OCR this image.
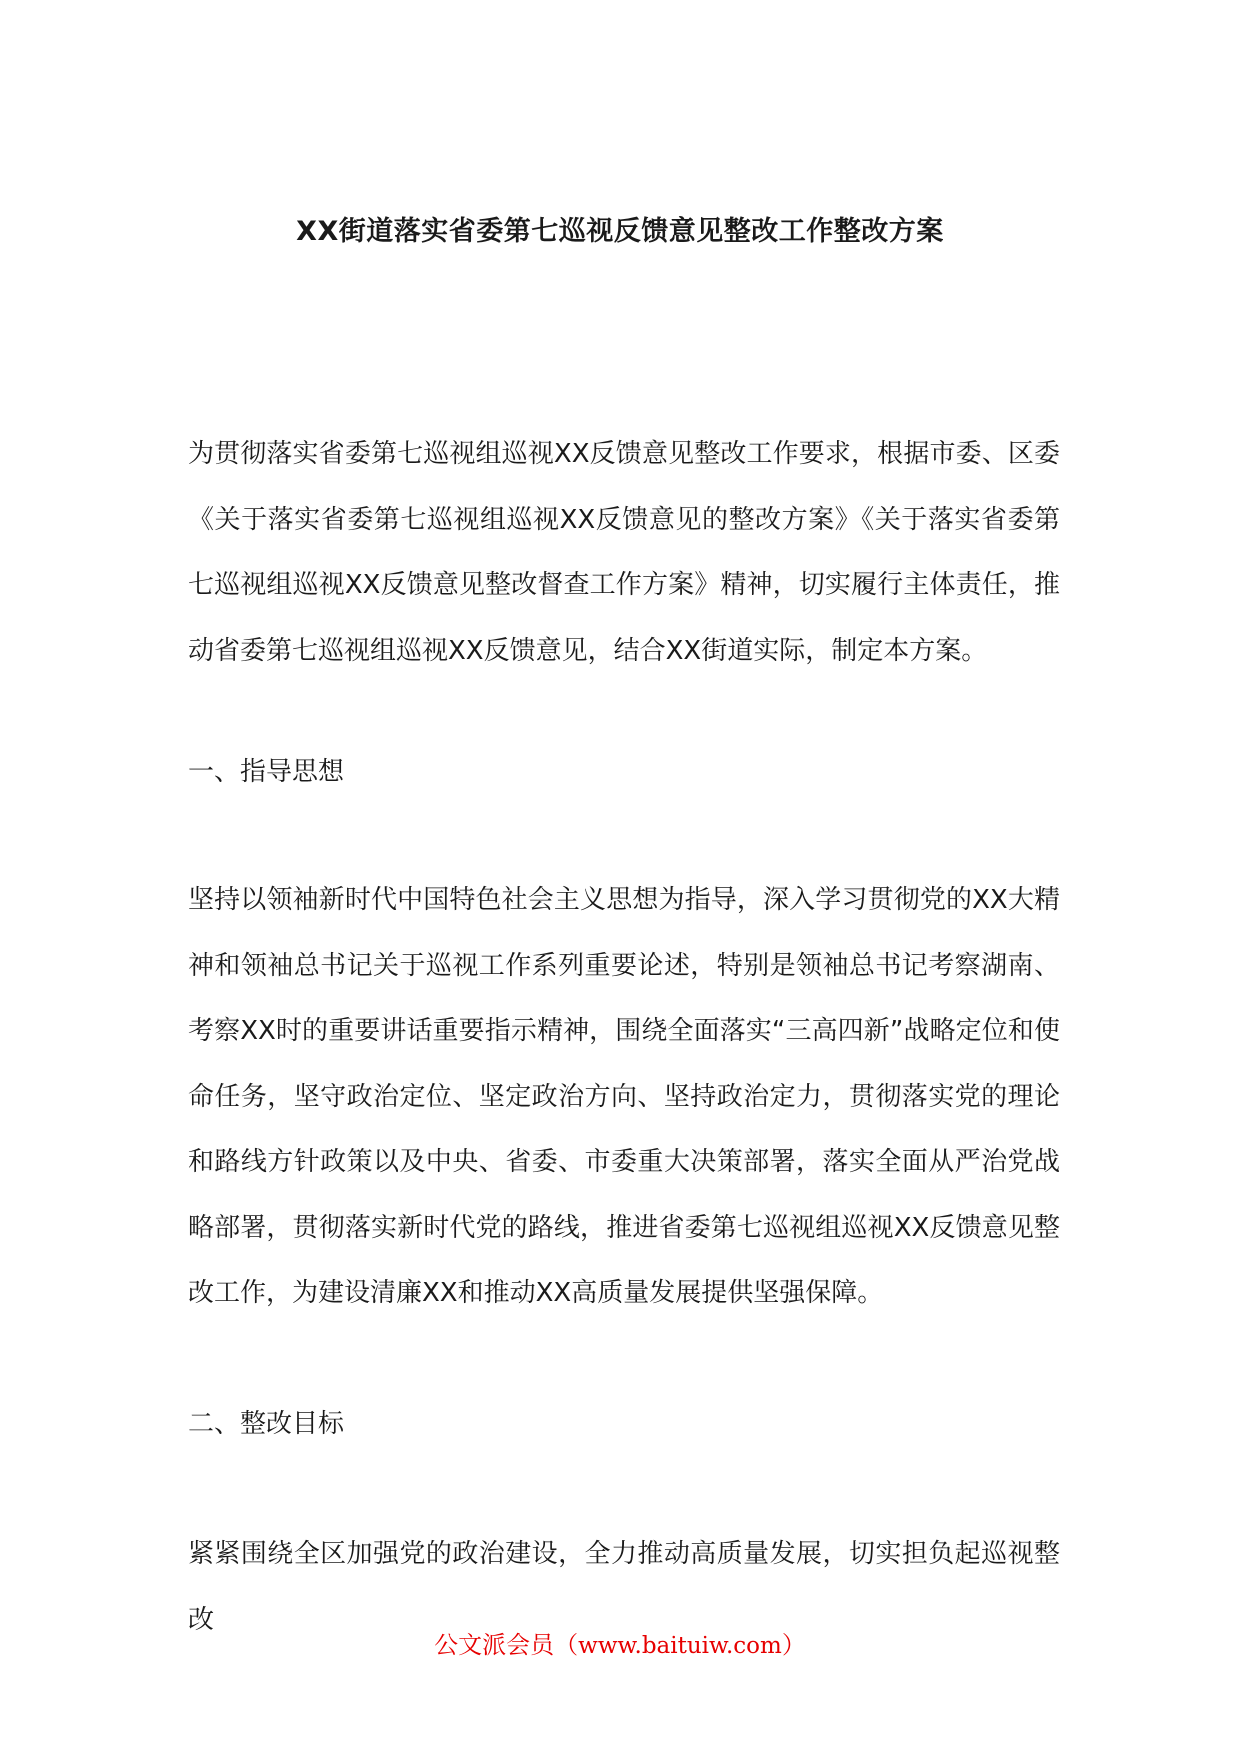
XX街道落实省委第七巡视反馈意见整改工作整改方案

为贯彻落实省委第七巡视组巡视XX反馈意见整改工作要求，根据市委、区委《关于落实省委第七巡视组巡视XX反馈意见的整改方案》《关于落实省委第七巡视组巡视XX反馈意见整改督查工作方案》精神，切实履行主体责任，推动省委第七巡视组巡视XX反馈意见，结合XX街道实际，制定本方案。

一、指导思想

坚持以领袖新时代中国特色社会主义思想为指导，深入学习贯彻党的XX大精神和领袖总书记关于巡视工作系列重要论述，特别是领袖总书记考察湖南、考察XX时的重要讲话重要指示精神，围绕全面落实“三高四新”战略定位和使命任务，坚守政治定位、坚定政治方向、坚持政治定力，贯彻落实党的理论和路线方针政策以及中央、省委、市委重大决策部署，落实全面从严治党战略部署，贯彻落实新时代党的路线，推进省委第七巡视组巡视XX反馈意见整改工作，为建设清廉XX和推动XX高质量发展提供坚强保障。

二、整改目标

紧紧围绕全区加强党的政治建设，全力推动高质量发展，切实担负起巡视整改

公文派会员（www.baituiw.com）
